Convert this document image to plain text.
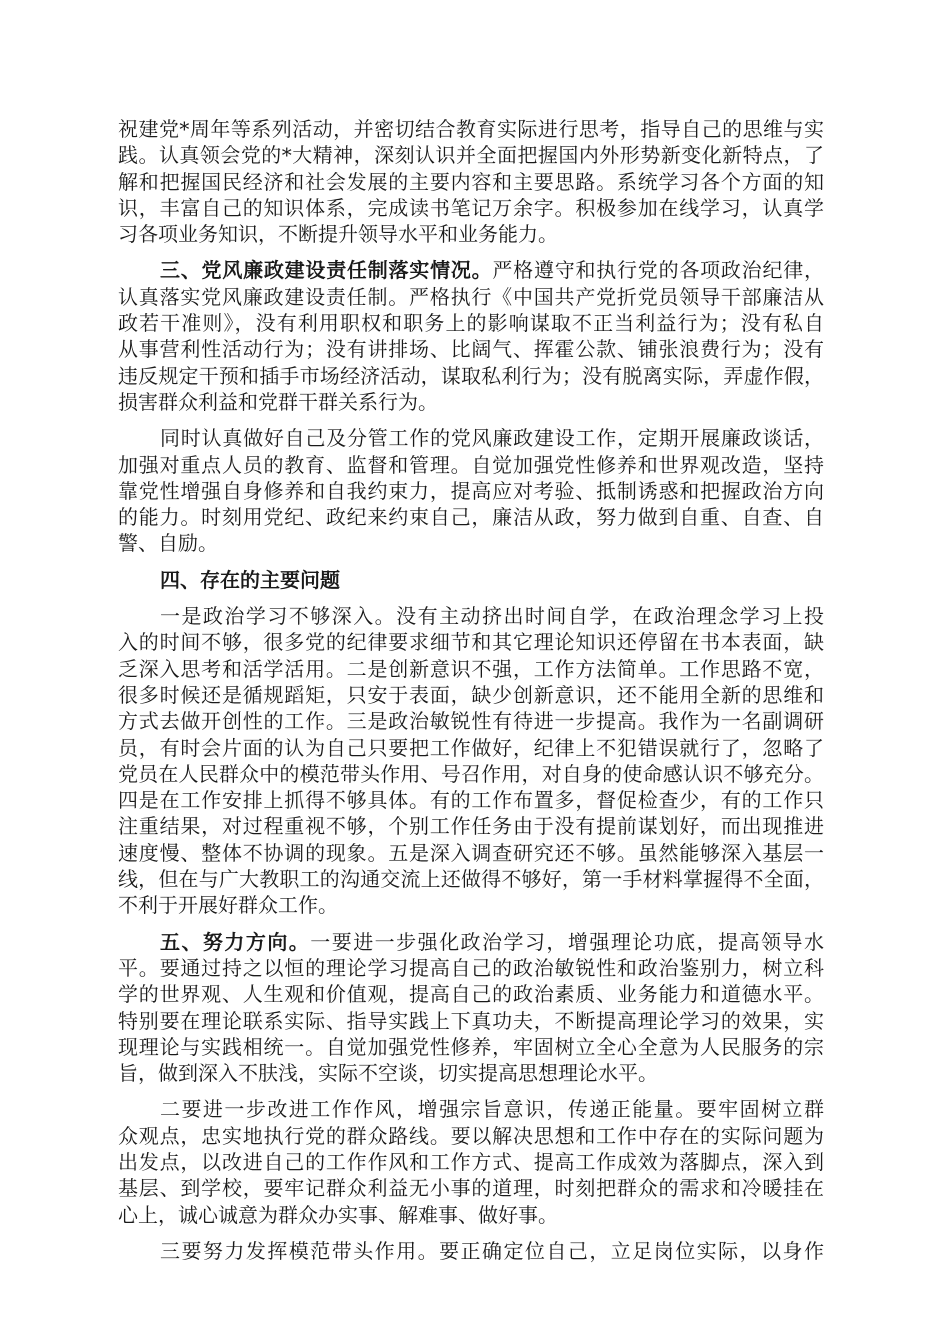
祝建党*周年等系列活动，并密切结合教育实际进行思考，指导自己的思维与实
践。认真领会党的*大精神，深刻认识并全面把握国内外形势新变化新特点，了
解和把握国民经济和社会发展的主要内容和主要思路。系统学习各个方面的知
识，丰富自己的知识体系，完成读书笔记万余字。积极参加在线学习，认真学
习各项业务知识，不断提升领导水平和业务能力。
三、党风廉政建设责任制落实情况。严格遵守和执行党的各项政治纪律，
认真落实党风廉政建设责任制。严格执行《中国共产党折党员领导干部廉洁从
政若干准则》，没有利用职权和职务上的影响谋取不正当利益行为；没有私自
从事营利性活动行为；没有讲排场、比阔气、挥霍公款、铺张浪费行为；没有
违反规定干预和插手市场经济活动，谋取私利行为；没有脱离实际，弄虚作假，
损害群众利益和党群干群关系行为。
同时认真做好自己及分管工作的党风廉政建设工作，定期开展廉政谈话，
加强对重点人员的教育、监督和管理。自觉加强党性修养和世界观改造，坚持
靠党性增强自身修养和自我约束力，提高应对考验、抵制诱惑和把握政治方向
的能力。时刻用党纪、政纪来约束自己，廉洁从政，努力做到自重、自查、自
警、自励。
四、存在的主要问题
一是政治学习不够深入。没有主动挤出时间自学，在政治理念学习上投
入的时间不够，很多党的纪律要求细节和其它理论知识还停留在书本表面，缺
乏深入思考和活学活用。二是创新意识不强，工作方法简单。工作思路不宽，
很多时候还是循规蹈矩，只安于表面，缺少创新意识，还不能用全新的思维和
方式去做开创性的工作。三是政治敏锐性有待进一步提高。我作为一名副调研
员，有时会片面的认为自己只要把工作做好，纪律上不犯错误就行了，忽略了
党员在人民群众中的模范带头作用、号召作用，对自身的使命感认识不够充分。
四是在工作安排上抓得不够具体。有的工作布置多，督促检查少，有的工作只
注重结果，对过程重视不够，个别工作任务由于没有提前谋划好，而出现推进
速度慢、整体不协调的现象。五是深入调查研究还不够。虽然能够深入基层一
线，但在与广大教职工的沟通交流上还做得不够好，第一手材料掌握得不全面，
不利于开展好群众工作。
五、努力方向。一要进一步强化政治学习，增强理论功底，提高领导水
平。要通过持之以恒的理论学习提高自己的政治敏锐性和政治鉴别力，树立科
学的世界观、人生观和价值观，提高自己的政治素质、业务能力和道德水平。
特别要在理论联系实际、指导实践上下真功夫，不断提高理论学习的效果，实
现理论与实践相统一。自觉加强党性修养，牢固树立全心全意为人民服务的宗
旨，做到深入不肤浅，实际不空谈，切实提高思想理论水平。
二要进一步改进工作作风，增强宗旨意识，传递正能量。要牢固树立群
众观点，忠实地执行党的群众路线。要以解决思想和工作中存在的实际问题为
出发点，以改进自己的工作作风和工作方式、提高工作成效为落脚点，深入到
基层、到学校，要牢记群众利益无小事的道理，时刻把群众的需求和冷暖挂在
心上，诚心诚意为群众办实事、解难事、做好事。
三要努力发挥模范带头作用。要正确定位自己，立足岗位实际，以身作
